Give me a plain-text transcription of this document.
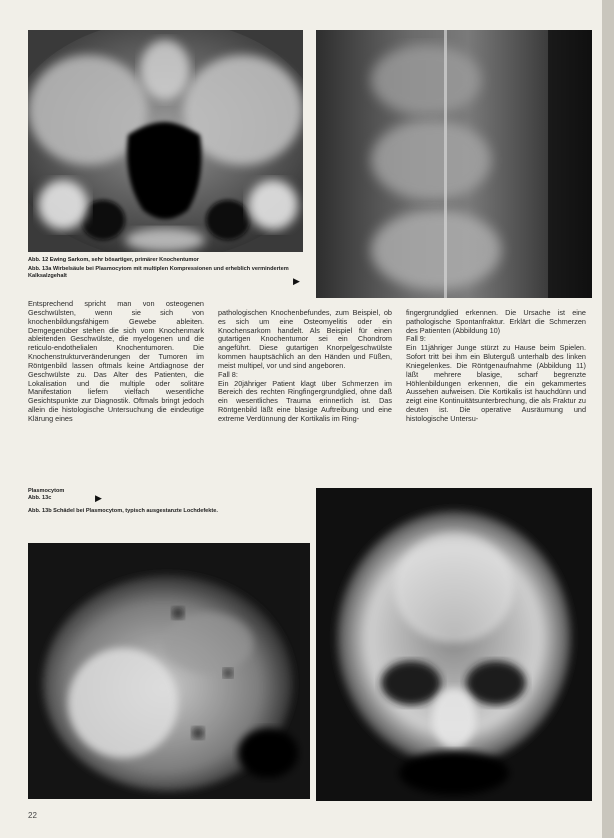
Abb. 12 Ewing Sarkom, sehr bösartiger, primärer Knochentumor
Abb. 13a Wirbelsäule bei Plasmocytom mit multiplen Kompressionen und erheblich vermindertem Kalksalzgehalt	▶

Entsprechend spricht man von osteogenen Geschwülsten, wenn sie sich von knochenbildungsfähigem Gewebe ableiten. Demgegenüber stehen die sich vom Knochenmark ableitenden Geschwülste, die myelogenen und die reticulo-endothelialen Knochentumoren. Die Knochenstrukturveränderungen der Tumoren im Röntgenbild lassen oftmals keine Artdiagnose der Geschwülste zu. Das Alter des Patienten, die Lokalisation und die multiple oder solitäre Manifestation liefern vielfach wesentliche Gesichtspunkte zur Diagnostik. Oftmals bringt jedoch allein die histologische Untersuchung die eindeutige Klärung eines

pathologischen Knochenbefundes, zum Beispiel, ob es sich um eine Osteomyelitis oder ein Knochensarkom handelt. Als Beispiel für einen gutartigen Knochentumor sei ein Chondrom angeführt. Diese gutartigen Knorpelgeschwülste kommen hauptsächlich an den Händen und Füßen, meist multipel, vor und sind angeboren.
Fall 8:
Ein 20jähriger Patient klagt über Schmerzen im Bereich des rechten Ringfingergrundglied, ohne daß ein wesentliches Trauma erinnerlich ist. Das Röntgenbild läßt eine blasige Auftreibung und eine extreme Verdünnung der Kortikalis im Ring-

fingergrundglied erkennen. Die Ursache ist eine pathologische Spontanfraktur. Erklärt die Schmerzen des Patienten (Abbildung 10)
Fall 9:
Ein 11jähriger Junge stürzt zu Hause beim Spielen. Sofort tritt bei ihm ein Bluterguß unterhalb des linken Kniegelenkes. Die Röntgenaufnahme (Abbildung 11) läßt mehrere blasige, scharf begrenzte Höhlenbildungen erkennen, die ein gekammertes Aussehen aufweisen. Die Kortikalis ist hauchdünn und zeigt eine Kontinuitätsunterbrechung, die als Fraktur zu deuten ist. Die operative Ausräumung und histologische Untersu-

Plasmocytom
Abb. 13c	▶
Abb. 13b Schädel bei Plasmocytom, typisch ausgestanzte Lochdefekte.
22
